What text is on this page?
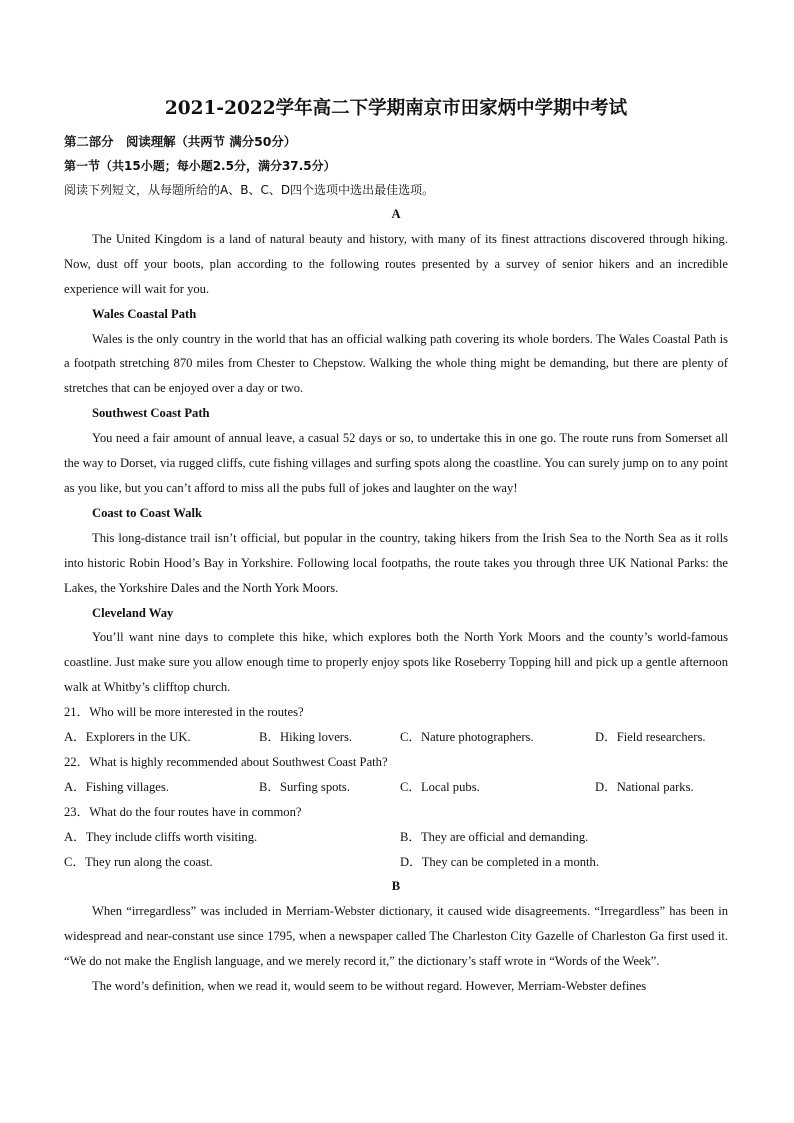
2021-2022学年高二下学期南京市田家炳中学期中考试
第二部分　阅读理解（共两节 满分50分）
第一节（共15小题；每小题2.5分，满分37.5分）
阅读下列短文，从每题所给的A、B、C、D四个选项中选出最佳选项。
A

The United Kingdom is a land of natural beauty and history, with many of its finest attractions discovered through hiking. Now, dust off your boots, plan according to the following routes presented by a survey of senior hikers and an incredible experience will wait for you.

Wales Coastal Path

Wales is the only country in the world that has an official walking path covering its whole borders. The Wales Coastal Path is a footpath stretching 870 miles from Chester to Chepstow. Walking the whole thing might be demanding, but there are plenty of stretches that can be enjoyed over a day or two.

Southwest Coast Path

You need a fair amount of annual leave, a casual 52 days or so, to undertake this in one go. The route runs from Somerset all the way to Dorset, via rugged cliffs, cute fishing villages and surfing spots along the coastline. You can surely jump on to any point as you like, but you can’t afford to miss all the pubs full of jokes and laughter on the way!

Coast to Coast Walk

This long-distance trail isn’t official, but popular in the country, taking hikers from the Irish Sea to the North Sea as it rolls into historic Robin Hood’s Bay in Yorkshire. Following local footpaths, the route takes you through three UK National Parks: the Lakes, the Yorkshire Dales and the North York Moors.

Cleveland Way

You’ll want nine days to complete this hike, which explores both the North York Moors and the county’s world-famous coastline. Just make sure you allow enough time to properly enjoy spots like Roseberry Topping hill and pick up a gentle afternoon walk at Whitby’s clifftop church.

21．Who will be more interested in the routes?
A．Explorers in the UK.	B．Hiking lovers.	C．Nature photographers.	D．Field researchers.
22．What is highly recommended about Southwest Coast Path?
A．Fishing villages.	B．Surfing spots.	C．Local pubs.	D．National parks.
23．What do the four routes have in common?
A．They include cliffs worth visiting.	B．They are official and demanding.
C．They run along the coast.	D．They can be completed in a month.
B

When “irregardless” was included in Merriam-Webster dictionary, it caused wide disagreements. “Irregardless” has been in widespread and near-constant use since 1795, when a newspaper called The Charleston City Gazelle of Charleston Ga first used it. “We do not make the English language, and we merely record it,” the dictionary’s staff wrote in “Words of the Week”.

The word’s definition, when we read it, would seem to be without regard. However, Merriam-Webster defines
